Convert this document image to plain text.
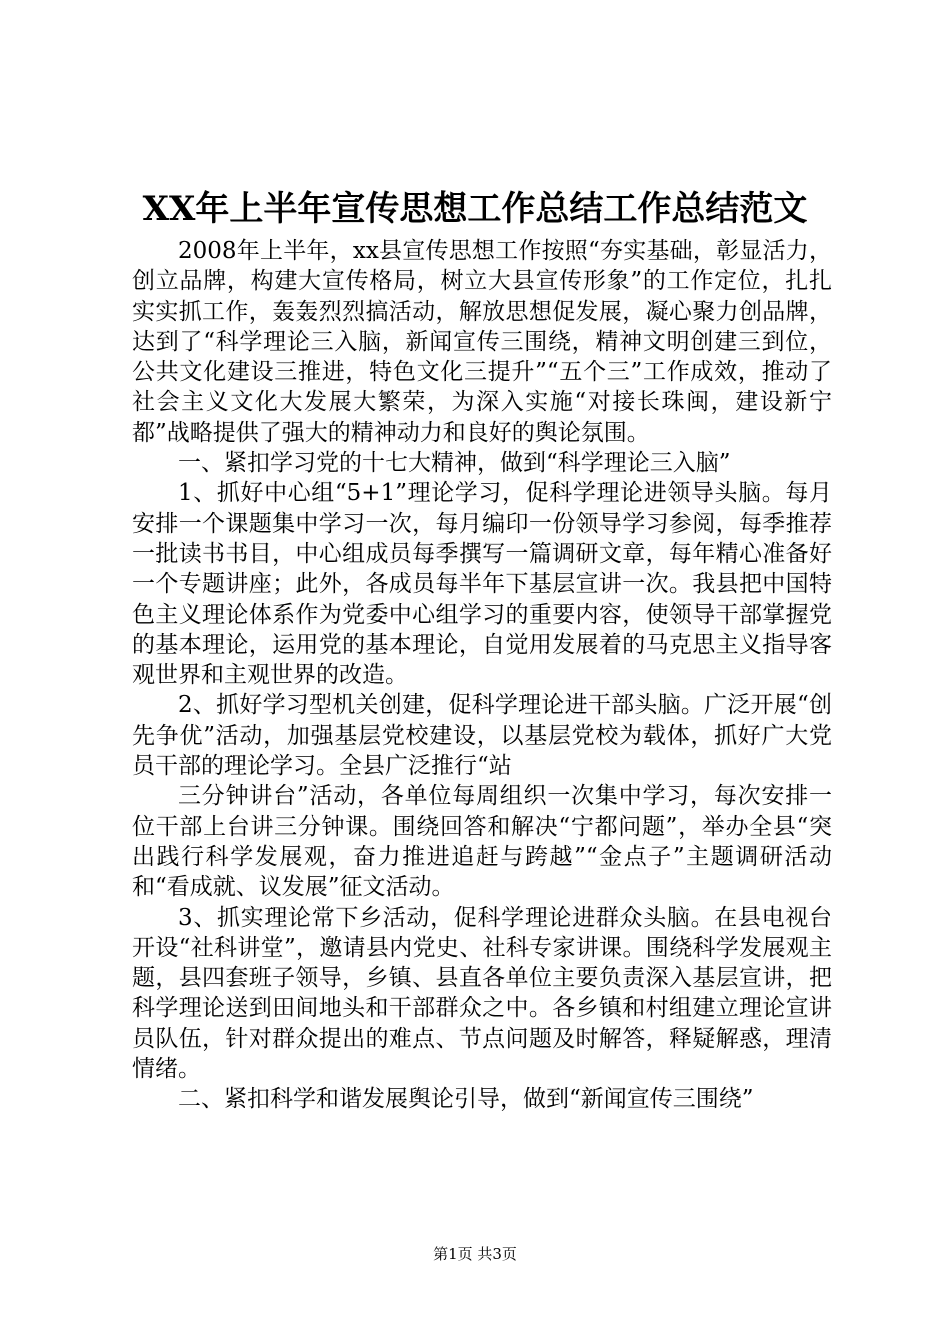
XX年上半年宣传思想工作总结工作总结范文

2008年上半年，xx县宣传思想工作按照“夯实基础，彰显活力，创立品牌，构建大宣传格局，树立大县宣传形象”的工作定位，扎扎实实抓工作，轰轰烈烈搞活动，解放思想促发展，凝心聚力创品牌，达到了“科学理论三入脑，新闻宣传三围绕，精神文明创建三到位，公共文化建设三推进，特色文化三提升”“五个三”工作成效，推动了社会主义文化大发展大繁荣，为深入实施“对接长珠闽，建设新宁都”战略提供了强大的精神动力和良好的舆论氛围。

一、紧扣学习党的十七大精神，做到“科学理论三入脑”

1、抓好中心组“5+1”理论学习，促科学理论进领导头脑。每月安排一个课题集中学习一次，每月编印一份领导学习参阅，每季推荐一批读书书目，中心组成员每季撰写一篇调研文章，每年精心准备好一个专题讲座；此外，各成员每半年下基层宣讲一次。我县把中国特色主义理论体系作为党委中心组学习的重要内容，使领导干部掌握党的基本理论，运用党的基本理论，自觉用发展着的马克思主义指导客观世界和主观世界的改造。

2、抓好学习型机关创建，促科学理论进干部头脑。广泛开展“创先争优”活动，加强基层党校建设，以基层党校为载体，抓好广大党员干部的理论学习。全县广泛推行“站

三分钟讲台”活动，各单位每周组织一次集中学习，每次安排一位干部上台讲三分钟课。围绕回答和解决“宁都问题”，举办全县“突出践行科学发展观，奋力推进追赶与跨越”“金点子”主题调研活动和“看成就、议发展”征文活动。

3、抓实理论常下乡活动，促科学理论进群众头脑。在县电视台开设“社科讲堂”，邀请县内党史、社科专家讲课。围绕科学发展观主题，县四套班子领导，乡镇、县直各单位主要负责深入基层宣讲，把科学理论送到田间地头和干部群众之中。各乡镇和村组建立理论宣讲员队伍，针对群众提出的难点、节点问题及时解答，释疑解惑，理清情绪。

二、紧扣科学和谐发展舆论引导，做到“新闻宣传三围绕”

第1页 共3页
